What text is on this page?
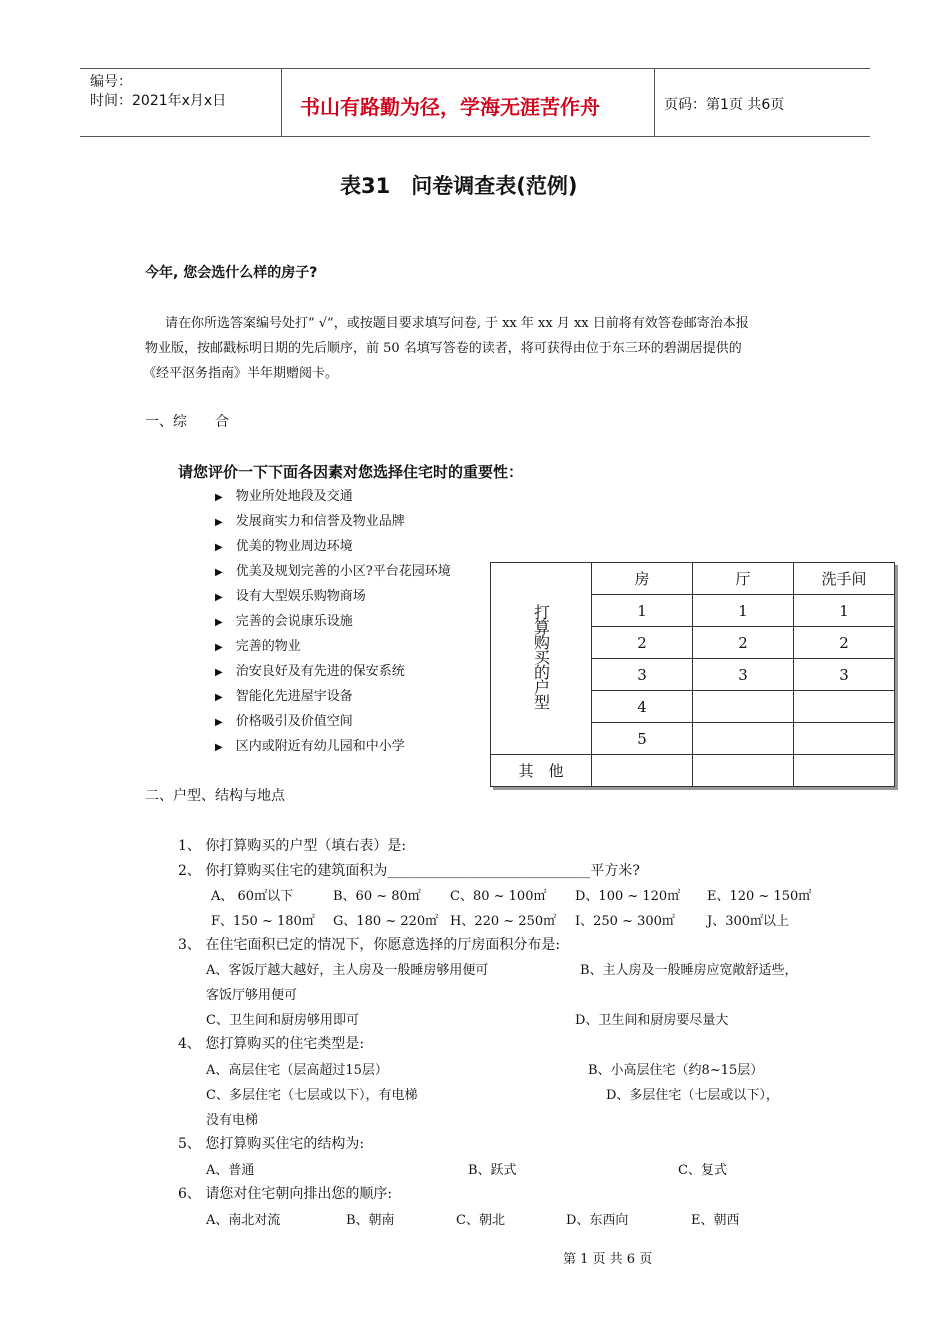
编号：
时间：2021年x月x日	书山有路勤为径，学海无涯苦作舟	页码：第1页 共6页
表31　问卷调查表(范例)
今年, 您会选什么样的房子?
请在你所选答案编号处打” √”，或按题目要求填写问卷, 于 xx 年 xx 月 xx 日前将有效答卷邮寄治本报
物业版，按邮戳标明日期的先后顺序，前 50 名填写答卷的读者，将可获得由位于东三环的碧湖居提供的
《经平沤务指南》半年期赠阅卡。
一、综　　合
请您评价一下下面各因素对您选择住宅时的重要性：
▶　 物业所处地段及交通
▶　 发展商实力和信誉及物业品牌
▶　 优美的物业周边环境
▶　 优美及规划完善的小区?平台花园环境
▶　 设有大型娱乐购物商场
▶　 完善的会说康乐设施
▶　 完善的物业
▶　 治安良好及有先进的保安系统
▶　 智能化先进屋宇设备
▶　 价格吸引及价值空间
▶　 区内或附近有幼儿园和中小学
打算购买的户型	房	厅	洗手间
	1	1	1
	2	2	2
	3	3	3
	4		
	5		
其　他			
二、户型、结构与地点
1、 你打算购买的户型（填右表）是:
2、 你打算购买住宅的建筑面积为_____________________________平方米?
3、 在住宅面积已定的情况下，你愿意选择的厅房面积分布是:
A、客饭厅越大越好，主人房及一般睡房够用便可	B、主人房及一般睡房应宽敞舒适些，
客饭厅够用便可
C、卫生间和厨房够用即可	D、卫生间和厨房要尽量大
4、 您打算购买的住宅类型是:
A、高层住宅（层高超过15层）	B、小高层住宅（约8~15层）
C、多层住宅（七层或以下），有电梯	D、多层住宅（七层或以下），
没有电梯
5、 您打算购买住宅的结构为:
A、普通	B、跃式	C、复式
6、 请您对住宅朝向排出您的顺序:
第 1 页 共 6 页
A、 60㎡以下	B、60 ~ 80㎡ C、80 ~ 100㎡ D、100 ~ 120㎡ E、120 ~ 150㎡
F、150 ~ 180㎡ G、180 ~ 220㎡ H、220 ~ 250㎡ I、250 ~ 300㎡ J、300㎡以上
A、南北对流	B、朝南	C、朝北	D、东西向	E、朝西
